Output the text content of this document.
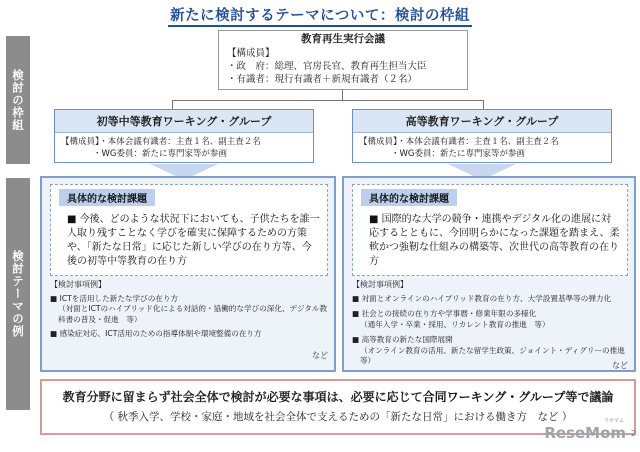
新たに検討するテーマについて：検討の枠組
検討の枠組
検討テーマの例
教育再生実行会議
【構成員】
・政　府：総理、官房長官、教育再生担当大臣
・有識者：現行有識者＋新規有識者（２名）
初等中等教育ワーキング・グループ
【構成員】・本体会議有識者：主査１名、副主査２名
・WG委員：新たに専門家等が参画
高等教育ワーキング・グループ
【構成員】・本体会議有識者：主査１名、副主査２名
・WG委員：新たに専門家等が参画
具体的な検討課題
■ 今後、どのような状況下においても、子供たちを誰一人取り残すことなく学びを確実に保障するための方策や、「新たな日常」に応じた新しい学びの在り方等、今後の初等中等教育の在り方
【検討事項例】
■ ICTを活用した新たな学びの在り方
（対面とICTのハイブリッド化による対話的・協働的な学びの深化、デジタル教科書の普及・促進　等）
■ 感染症対応、ICT活用のための指導体制や環境整備の在り方
など
具体的な検討課題
■ 国際的な大学の競争・連携やデジタル化の進展に対応するとともに、今回明らかになった課題を踏まえ、柔軟かつ強靭な仕組みの構築等、次世代の高等教育の在り方
【検討事項例】
■ 対面とオンラインのハイブリッド教育の在り方、大学設置基準等の弾力化
■ 社会との接続の在り方や学事暦・修業年限の多様化
（通年入学・卒業・採用、リカレント教育の推進　等）
■ 高等教育の新たな国際展開
（オンライン教育の活用、新たな留学生政策、ジョイント・ディグリーの推進　等）
など
教育分野に留まらず社会全体で検討が必要な事項は、必要に応じて合同ワーキング・グループ等で議論
（ 秋季入学、学校・家庭・地域を社会全体で支えるための「新たな日常」における働き方　など ）
ReseMom
リセマム
2
